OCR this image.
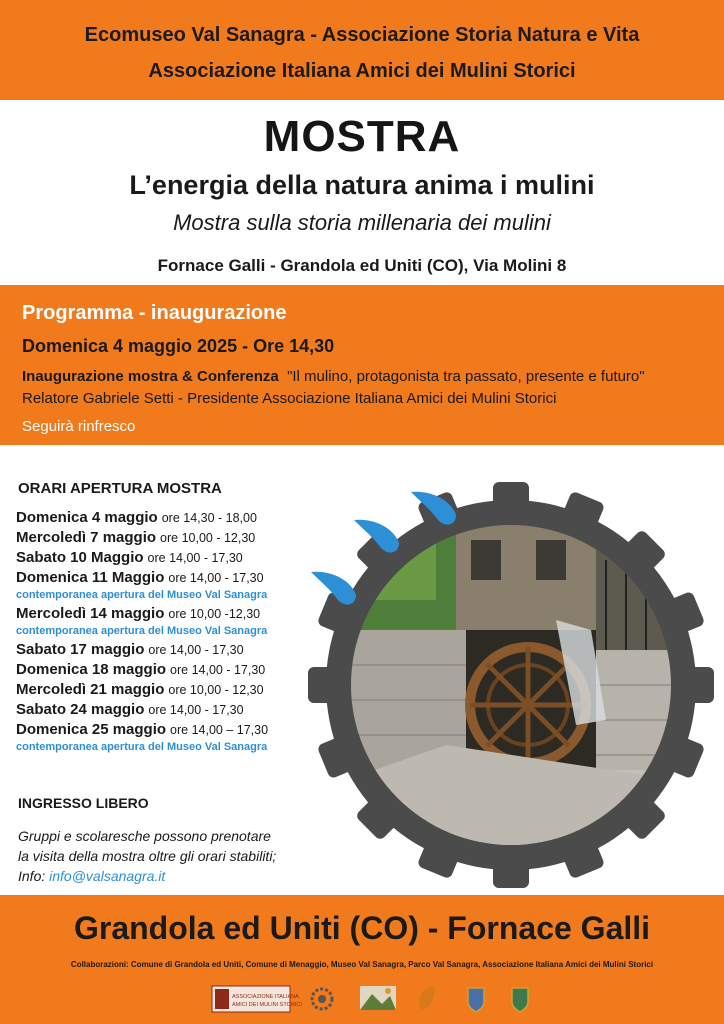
Ecomuseo Val Sanagra - Associazione Storia Natura e Vita
Associazione Italiana Amici dei Mulini Storici
MOSTRA
L’energia della natura anima i mulini
Mostra sulla storia millenaria dei mulini
Fornace Galli - Grandola ed Uniti (CO), Via Molini 8
Programma - inaugurazione
Domenica 4 maggio 2025 - Ore 14,30
Inaugurazione mostra & Conferenza "Il mulino, protagonista tra passato, presente e futuro"
Relatore Gabriele Setti - Presidente Associazione Italiana Amici dei Mulini Storici
Seguirà rinfresco
ORARI APERTURA MOSTRA
Domenica 4 maggio ore 14,30 - 18,00
Mercoledì 7 maggio ore 10,00 - 12,30
Sabato 10 Maggio ore 14,00 - 17,30
Domenica 11 Maggio ore 14,00 - 17,30
contemporanea apertura del Museo Val Sanagra
Mercoledì 14 maggio ore 10,00 -12,30
contemporanea apertura del Museo Val Sanagra
Sabato 17 maggio ore 14,00 - 17,30
Domenica 18 maggio ore 14,00 - 17,30
Mercoledì 21 maggio ore 10,00 - 12,30
Sabato 24 maggio ore 14,00 - 17,30
Domenica 25 maggio ore 14,00 – 17,30
contemporanea apertura del Museo Val Sanagra
INGRESSO LIBERO
Gruppi e scolaresche possono prenotare
la visita della mostra oltre gli orari stabiliti;
Info: info@valsanagra.it
Grandola ed Uniti (CO) - Fornace Galli
Collaborazioni: Comune di Grandola ed Uniti, Comune di Menaggio, Museo Val Sanagra, Parco Val Sanagra, Associazione Italiana Amici dei Mulini Storici
ASSOCIAZIONE ITALIANA
AMICI DEI MULINI STORICI
